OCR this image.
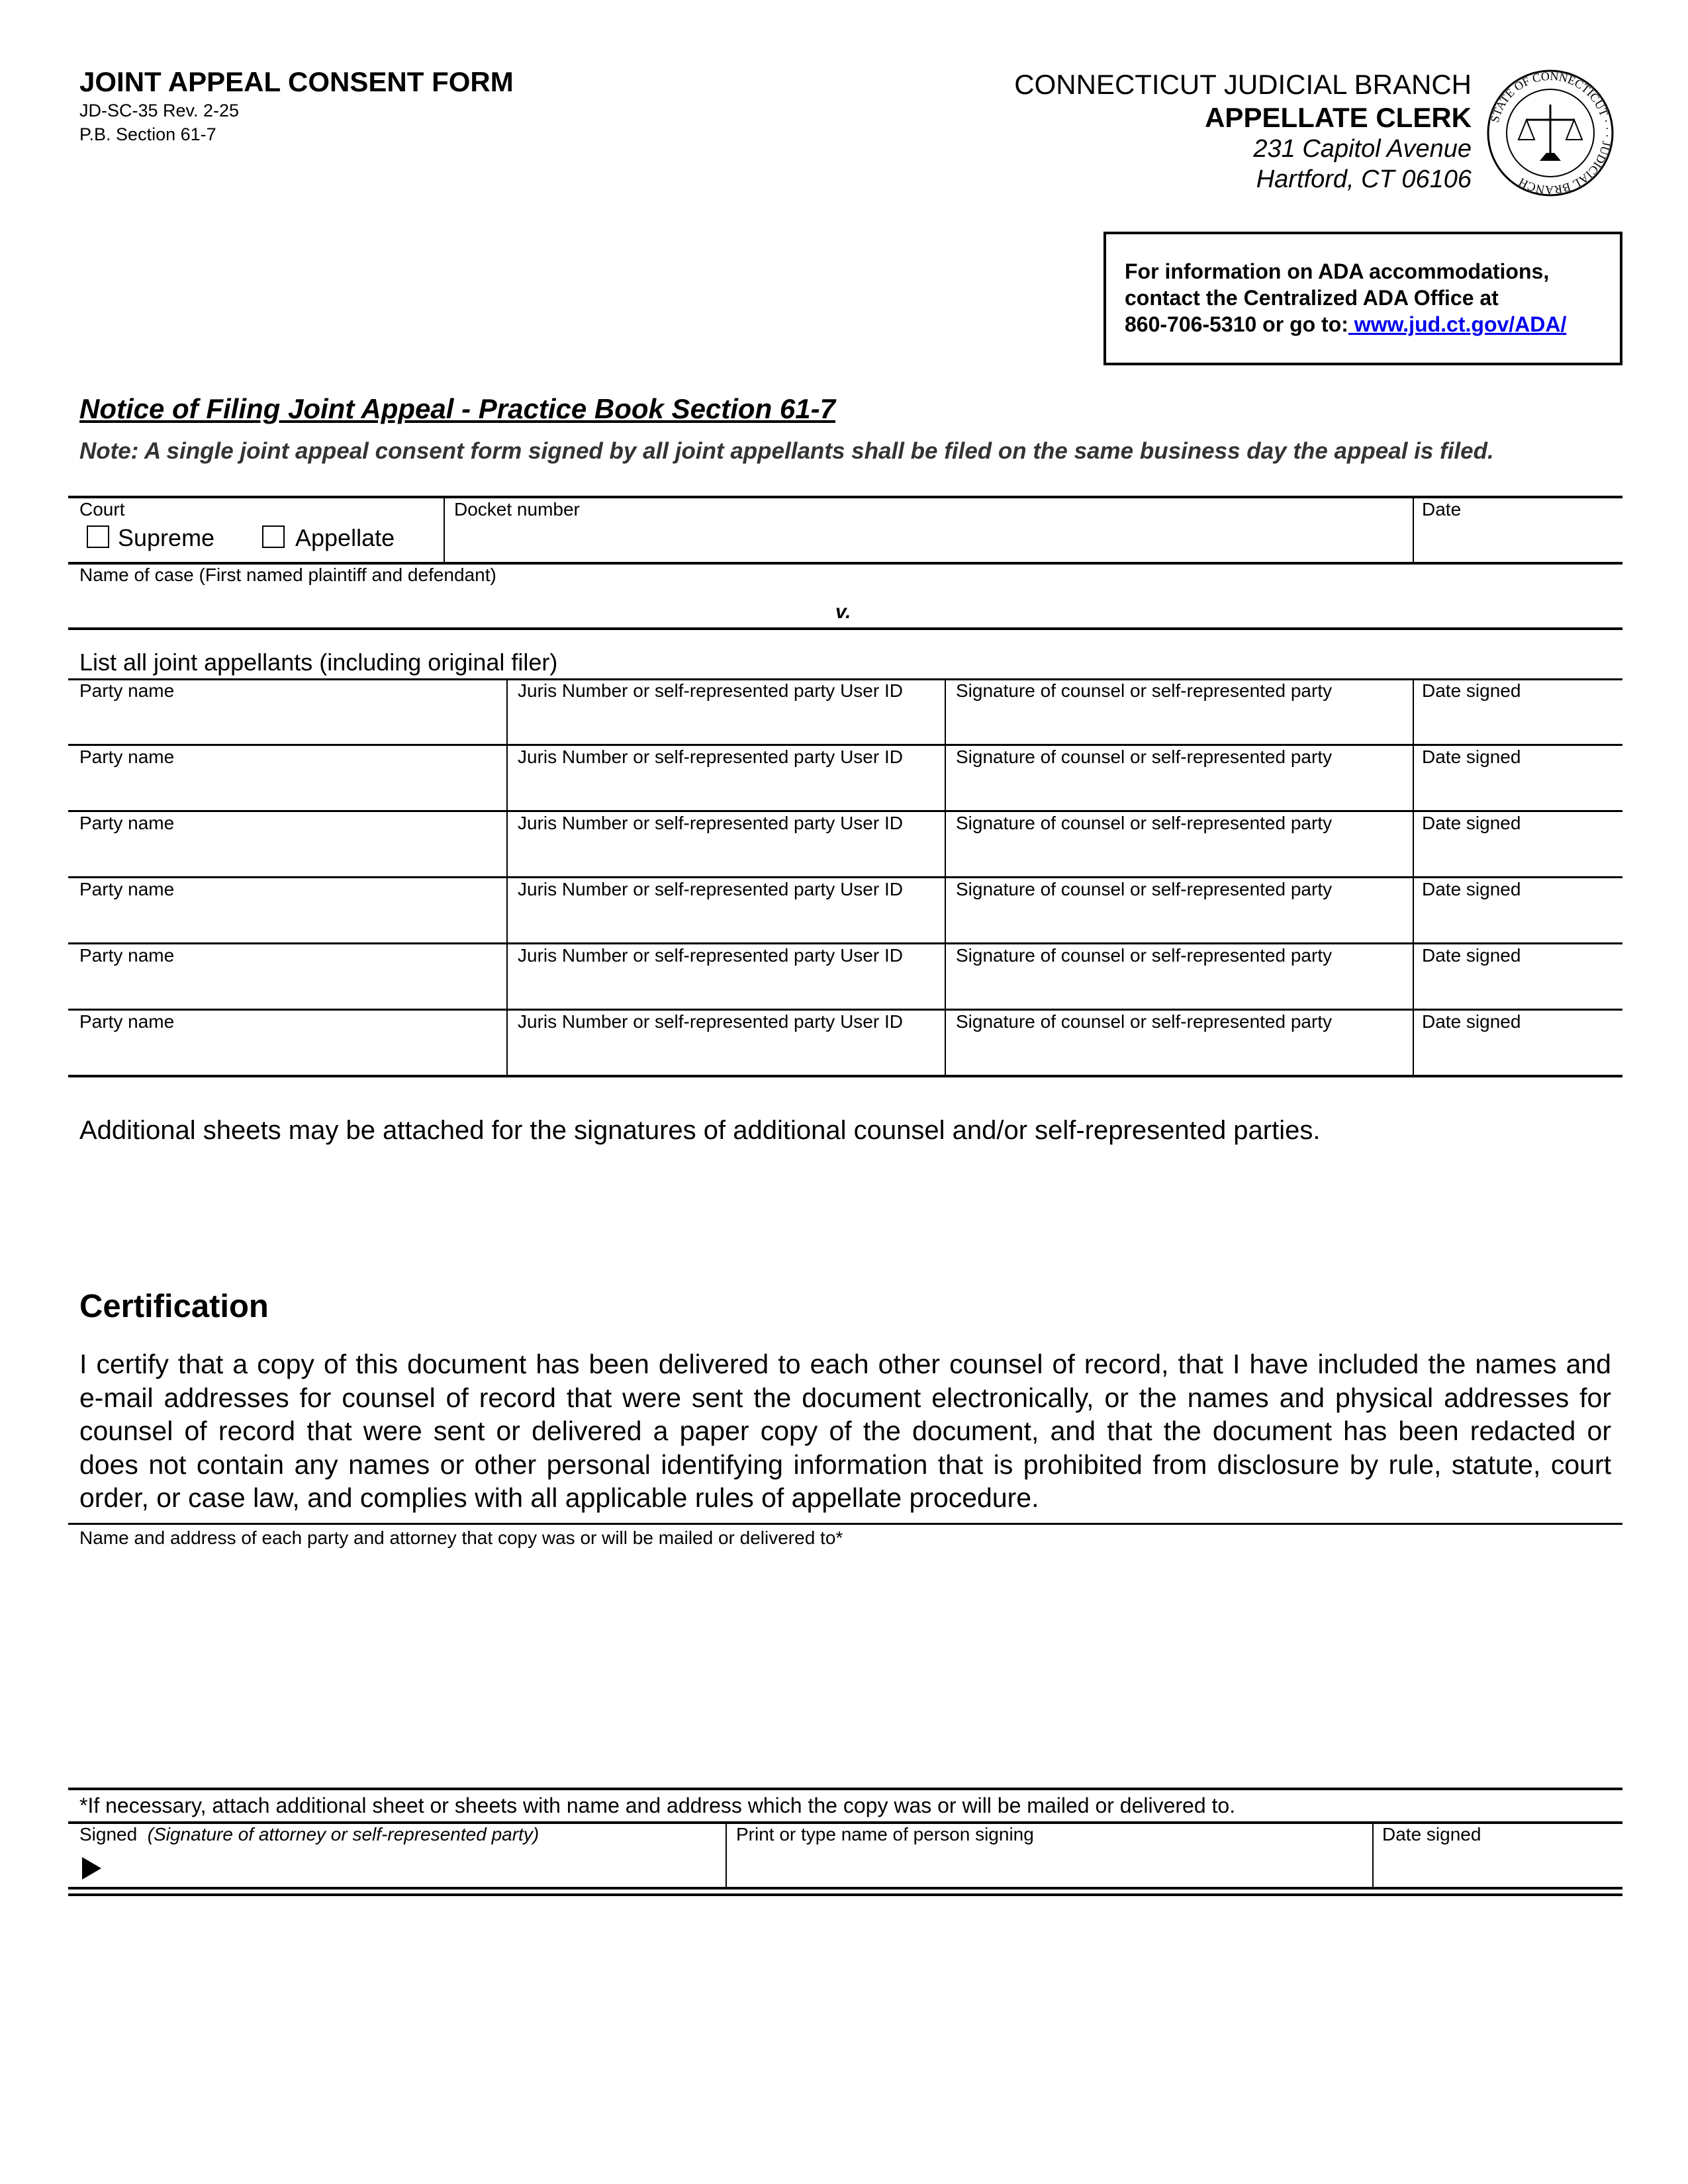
JOINT APPEAL CONSENT FORM
JD-SC-35 Rev. 2-25
P.B. Section 61-7
CONNECTICUT JUDICIAL BRANCH
APPELLATE CLERK
231 Capitol Avenue
Hartford, CT 06106
STATE OF CONNECTICUT · · · JUDICIAL BRANCH
For information on ADA accommodations,
contact the Centralized ADA Office at
860-706-5310 or go to: www.jud.ct.gov/ADA/
Notice of Filing Joint Appeal - Practice Book Section 61-7
Note: A single joint appeal consent form signed by all joint appellants shall be filed on the same business day the appeal is filed.
Court
Supreme	Appellate
Docket number	Date
Name of case (First named plaintiff and defendant)
v.
List all joint appellants (including original filer)
Party name	Juris Number or self-represented party User ID	Signature of counsel or self-represented party	Date signed
Party name	Juris Number or self-represented party User ID	Signature of counsel or self-represented party	Date signed
Party name	Juris Number or self-represented party User ID	Signature of counsel or self-represented party	Date signed
Party name	Juris Number or self-represented party User ID	Signature of counsel or self-represented party	Date signed
Party name	Juris Number or self-represented party User ID	Signature of counsel or self-represented party	Date signed
Party name	Juris Number or self-represented party User ID	Signature of counsel or self-represented party	Date signed
Additional sheets may be attached for the signatures of additional counsel and/or self-represented parties.
Certification
I certify that a copy of this document has been delivered to each other counsel of record, that I have included the names and
e-mail addresses for counsel of record that were sent the document electronically, or the names and physical addresses for
counsel of record that were sent or delivered a paper copy of the document, and that the document has been redacted or
does not contain any names or other personal identifying information that is prohibited from disclosure by rule, statute, court
order, or case law, and complies with all applicable rules of appellate procedure.
Name and address of each party and attorney that copy was or will be mailed or delivered to*
*If necessary, attach additional sheet or sheets with name and address which the copy was or will be mailed or delivered to.
Signed (Signature of attorney or self-represented party)	Print or type name of person signing	Date signed
